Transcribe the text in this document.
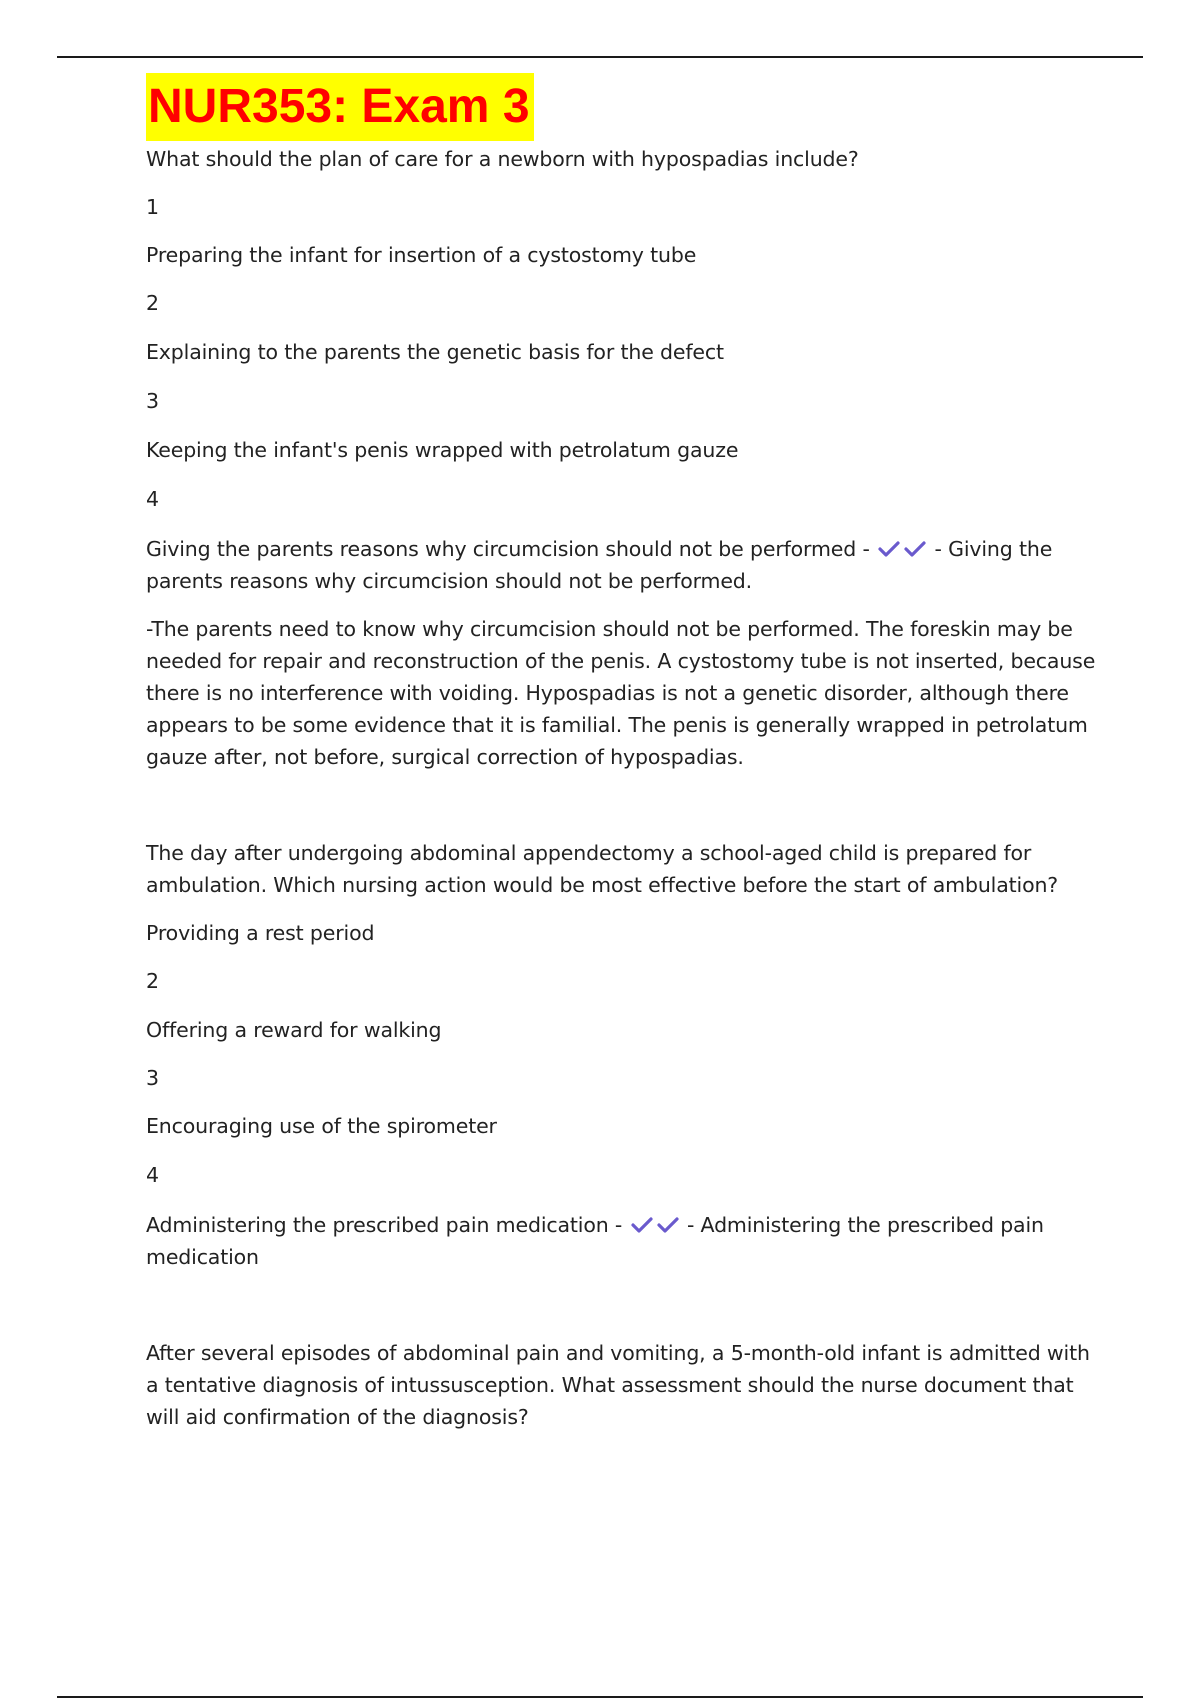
NUR353: Exam 3

What should the plan of care for a newborn with hypospadias include?

1

Preparing the infant for insertion of a cystostomy tube

2

Explaining to the parents the genetic basis for the defect

3

Keeping the infant's penis wrapped with petrolatum gauze

4

Giving the parents reasons why circumcision should not be performed -	- Giving the parents reasons why circumcision should not be performed.

-The parents need to know why circumcision should not be performed. The foreskin may be needed for repair and reconstruction of the penis. A cystostomy tube is not inserted, because there is no interference with voiding. Hypospadias is not a genetic disorder, although there appears to be some evidence that it is familial. The penis is generally wrapped in petrolatum gauze after, not before, surgical correction of hypospadias.

The day after undergoing abdominal appendectomy a school-aged child is prepared for ambulation. Which nursing action would be most effective before the start of ambulation?

Providing a rest period

2

Offering a reward for walking

3

Encouraging use of the spirometer

4

Administering the prescribed pain medication -	- Administering the prescribed pain medication

After several episodes of abdominal pain and vomiting, a 5-month-old infant is admitted with a tentative diagnosis of intussusception. What assessment should the nurse document that will aid confirmation of the diagnosis?
